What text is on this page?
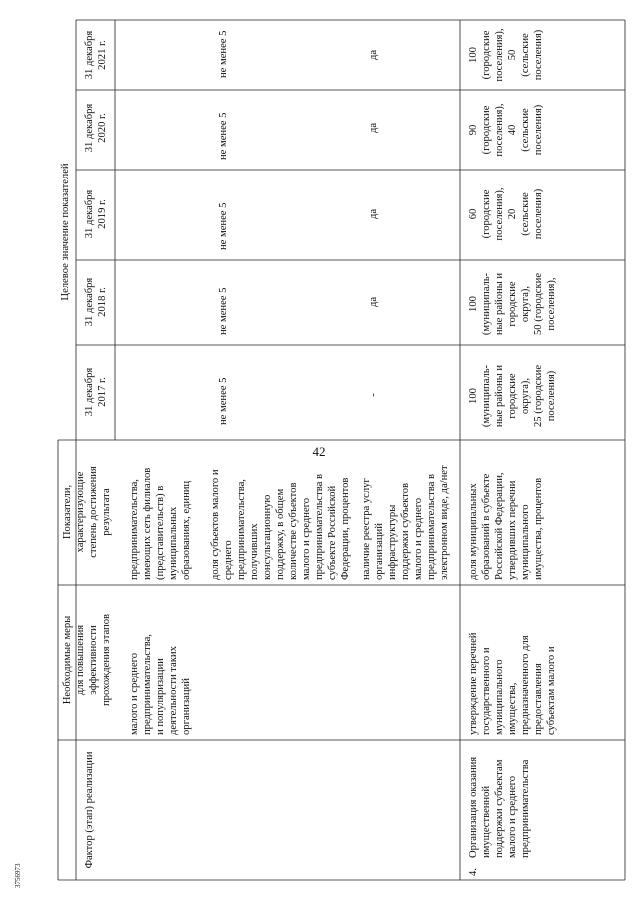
42
Фактор (этап) реализации
Необходимые меры для повышения эффективности прохождения этапов
Показатели, характеризующие степень достижения результата
Целевое значение показателей
31 декабря 2017 г.
31 декабря 2018 г.
31 декабря 2019 г.
31 декабря 2020 г.
31 декабря 2021 г.
малого и среднего предпринимательства, и популяризации деятельности таких организаций
предпринимательства, имеющих сеть филиалов (представительств) в муниципальных образованиях, единиц доля субъектов малого и среднего предпринимательства, получивших консультационную поддержку, в общем количестве субъектов малого и среднего предпринимательства в субъекте Российской Федерации, процентов наличие реестра услуг организаций инфраструктуры поддержки субъектов малого и среднего предпринимательства в электронном виде, да/нет
не менее 5
не менее 5
не менее 5
не менее 5
не менее 5
-
да
да
да
да
4.
Организация оказания имущественной поддержки субъектам малого и среднего предпринимательства
утверждение перечней государственного и муниципального имущества, предназначенного для предоставления субъектам малого и
доля муниципальных образований в субъекте Российской Федерации, утвердивших перечни муниципального имущества, процентов
100 (муниципаль- ные районы и городские округа), 25 (городские поселения)
100 (муниципаль- ные районы и городские округа), 50 (городские поселения),
60 (городские поселения), 20 (сельские поселения)
90 (городские поселения), 40 (сельские поселения)
100 (городские поселения), 50 (сельские поселения)
3756973
